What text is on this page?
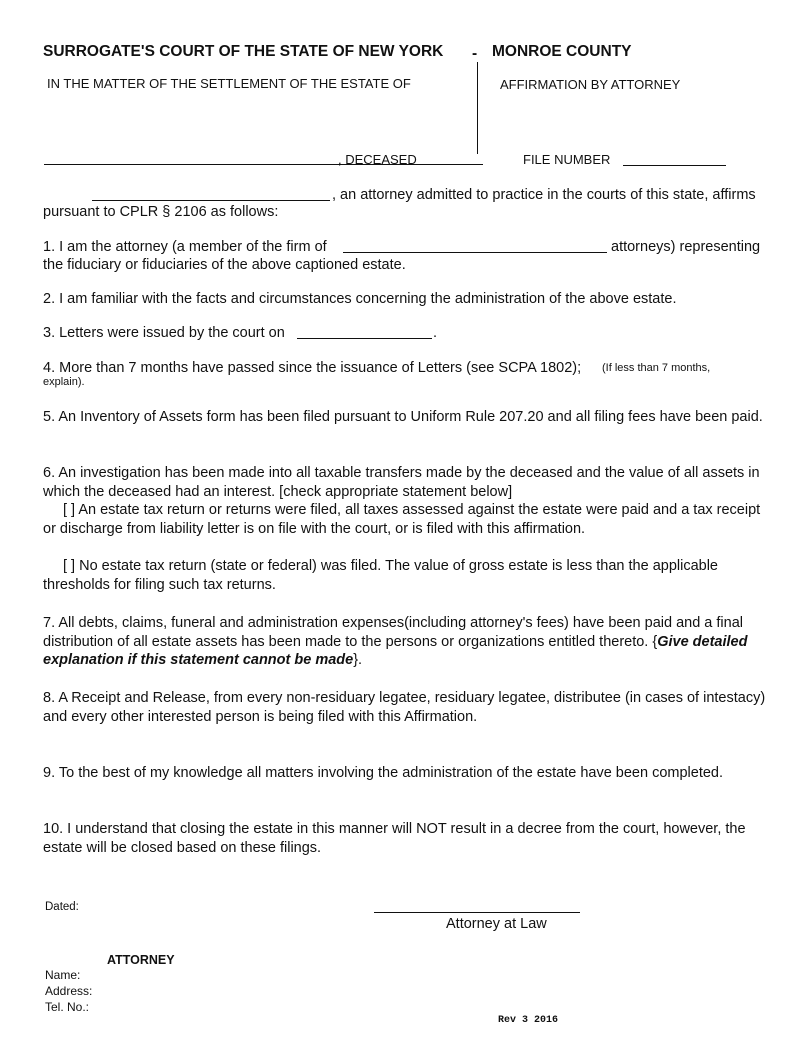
SURROGATE'S COURT OF THE STATE OF NEW YORK - MONROE COUNTY
IN THE MATTER OF THE SETTLEMENT OF THE ESTATE OF	AFFIRMATION BY ATTORNEY
, DECEASED	FILE NUMBER
, an attorney admitted to practice in the courts of this state, affirms
pursuant to CPLR § 2106 as follows:
1. I am the attorney (a member of the firm of	attorneys) representing
the fiduciary or fiduciaries of the above captioned estate.
2. I am familiar with the facts and circumstances concerning the administration of the above estate.
3. Letters were issued by the court on	.
4. More than 7 months have passed since the issuance of Letters (see SCPA 1802); (If less than 7 months,
explain).
5. An Inventory of Assets form has been filed pursuant to Uniform Rule 207.20 and all filing fees have been paid.
6. An investigation has been made into all taxable transfers made by the deceased and the value of all assets in which the deceased had an interest. [check appropriate statement below]
[ ] An estate tax return or returns were filed, all taxes assessed against the estate were paid and a tax receipt or discharge from liability letter is on file with the court, or is filed with this affirmation.
[ ] No estate tax return (state or federal) was filed. The value of gross estate is less than the applicable thresholds for filing such tax returns.
7. All debts, claims, funeral and administration expenses(including attorney's fees) have been paid and a final distribution of all estate assets has been made to the persons or organizations entitled thereto. {Give detailed explanation if this statement cannot be made}.
8. A Receipt and Release, from every non-residuary legatee, residuary legatee, distributee (in cases of intestacy) and every other interested person is being filed with this Affirmation.
9. To the best of my knowledge all matters involving the administration of the estate have been completed.
10. I understand that closing the estate in this manner will NOT result in a decree from the court, however, the estate will be closed based on these filings.
Dated:
Attorney at Law
ATTORNEY
Name:
Address:
Tel. No.:
Rev 3 2016
